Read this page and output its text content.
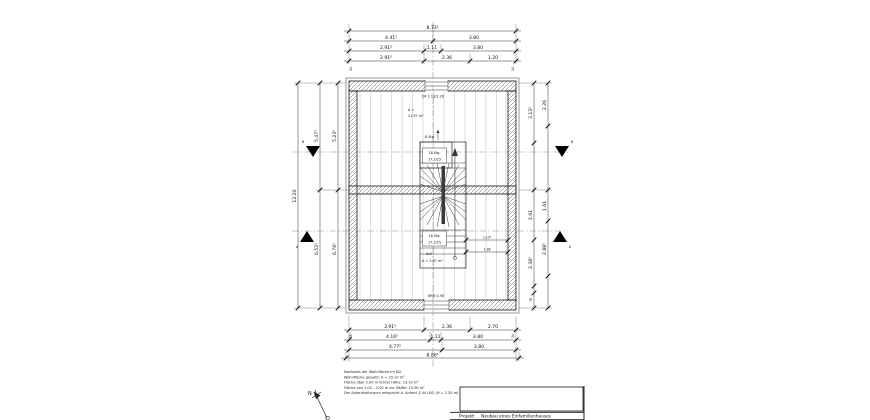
B	B
A	A
18 Stg.
17.2/25
18 Stg.
17.2/25
8 Stg.
Auf
A = 2.97 m²
DF 1.13/1.20
A =
21.97 m²
BRH 0.90
1.13⁵
1.38
8.73⁵
4.41⁵	3.80
2.91⁵	1.11	3.80
2.91⁵	2.36	1.20
24	24
3.91⁵	2.36	2.70
4.16⁵	1.11	3.80
4.77⁵	3.80
8.86⁵
36⁵	24
12.20
5.47⁵
6.52⁵
5.23⁵
6.76⁵
3.13⁵
2.61
2.38⁵
76
2.26
1.61
2.88⁵
Nachweis der Wohnfläche im DG
Wohnfläche gesamt: A = 29.10 m²
Fläche über 2.00 m lichter Höhe: 13.10 m²
Fläche von 1.00 – 2.00 m zur Hälfte: 10.90 m²
Der Aufenthaltsraum entspricht d. Anford. § 44 LBO (H = 2.30 m)
N
Projekt: Neubau eines Einfamilienhauses
